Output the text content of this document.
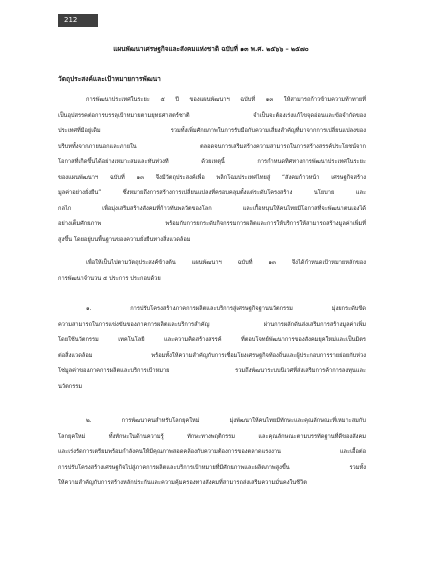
212
แผนพัฒนาเศรษฐกิจและสังคมแห่งชาติ ฉบับที่ ๑๓ พ.ศ. ๒๕๖๖ – ๒๕๗๐
วัตถุประสงค์และเป้าหมายการพัฒนา
การพัฒนาประเทศในระยะ ๕ ปี ของแผนพัฒนาฯ ฉบับที่ ๑๓ ให้สามารถก้าวข้ามความท้าทายที่
เป็นอุปสรรคต่อการบรรลุเป้าหมายตามยุทธศาสตร์ชาติ จำเป็นจะต้องเร่งแก้ไขจุดอ่อนและข้อจำกัดของ
ประเทศที่มีอยู่เดิม รวมทั้งเพิ่มศักยภาพในการรับมือกับความเสี่ยงสำคัญที่มาจากการเปลี่ยนแปลงของ
บริบททั้งจากภายนอกและภายใน ตลอดจนการเสริมสร้างความสามารถในการสร้างสรรค์ประโยชน์จาก
โอกาสที่เกิดขึ้นได้อย่างเหมาะสมและทันท่วงที ด้วยเหตุนี้ การกำหนดทิศทางการพัฒนาประเทศในระยะ
ของแผนพัฒนาฯ ฉบับที่ ๑๓ จึงมีวัตถุประสงค์เพื่อ พลิกโฉมประเทศไทยสู่ “สังคมก้าวหน้า เศรษฐกิจสร้าง
มูลค่าอย่างยั่งยืน” ซึ่งหมายถึงการสร้างการเปลี่ยนแปลงที่ครอบคลุมตั้งแต่ระดับโครงสร้าง นโยบาย และ
กลไก เพื่อมุ่งเสริมสร้างสังคมที่ก้าวทันพลวัตของโลก และเกื้อหนุนให้คนไทยมีโอกาสที่จะพัฒนาตนเองได้
อย่างเต็มศักยภาพ พร้อมกับการยกระดับกิจกรรมการผลิตและการให้บริการให้สามารถสร้างมูลค่าเพิ่มที่
สูงขึ้น โดยอยู่บนพื้นฐานของความยั่งยืนทางสิ่งแวดล้อม
เพื่อให้เป็นไปตามวัตถุประสงค์ข้างต้น แผนพัฒนาฯ ฉบับที่ ๑๓ จึงได้กำหนดเป้าหมายหลักของ
การพัฒนาจำนวน ๕ ประการ ประกอบด้วย
๑. การปรับโครงสร้างภาคการผลิตและบริการสู่เศรษฐกิจฐานนวัตกรรม มุ่งยกระดับขีด
ความสามารถในการแข่งขันของภาคการผลิตและบริการสำคัญ ผ่านการผลักดันส่งเสริมการสร้างมูลค่าเพิ่ม
โดยใช้นวัตกรรม เทคโนโลยี และความคิดสร้างสรรค์ ที่ตอบโจทย์พัฒนาการของสังคมยุคใหม่และเป็นมิตร
ต่อสิ่งแวดล้อม พร้อมทั้งให้ความสำคัญกับการเชื่อมโยงเศรษฐกิจท้องถิ่นและผู้ประกอบการรายย่อยกับห่วง
โซ่มูลค่าของภาคการผลิตและบริการเป้าหมาย รวมถึงพัฒนาระบบนิเวศที่ส่งเสริมการค้าการลงทุนและ
นวัตกรรม
๒. การพัฒนาคนสำหรับโลกยุคใหม่ มุ่งพัฒนาให้คนไทยมีทักษะและคุณลักษณะที่เหมาะสมกับ
โลกยุคใหม่ ทั้งทักษะในด้านความรู้ ทักษะทางพฤติกรรม และคุณลักษณะตามบรรทัดฐานที่ดีของสังคม
และเร่งรัดการเตรียมพร้อมกำลังคนให้มีคุณภาพสอดคล้องกับความต้องการของตลาดแรงงาน และเอื้อต่อ
การปรับโครงสร้างเศรษฐกิจไปสู่ภาคการผลิตและบริการเป้าหมายที่มีศักยภาพและผลิตภาพสูงขึ้น รวมทั้ง
ให้ความสำคัญกับการสร้างหลักประกันและความคุ้มครองทางสังคมที่สามารถส่งเสริมความมั่นคงในชีวิต
